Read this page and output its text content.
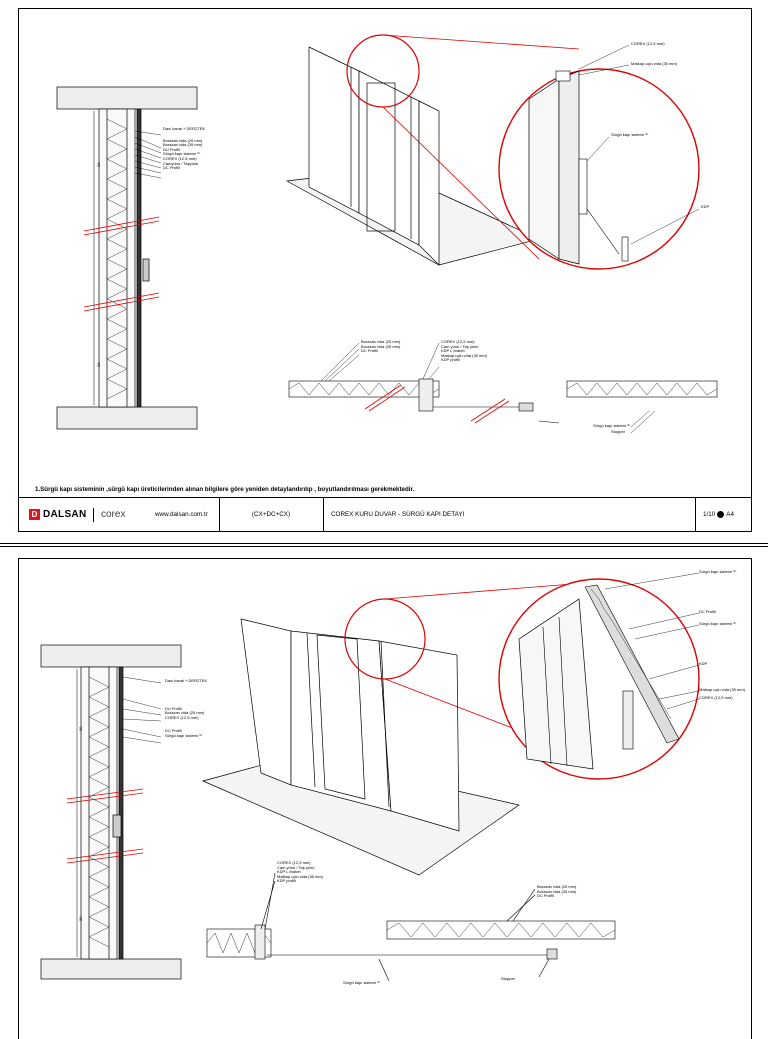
Dacı kanal + DERZTEK
Borazan vida (25 mm)
Borazan vida (35 mm)
DU Profili
Sürgü kapı sistemi ⁽¹⁾
COREX (12.5 mm)
Camyünü / Taşyünü
DC Profili
20
20
COREX (12,5 mm)
Matkap uçlu vida (35 mm)
Sürgü kapı sistemi ⁽¹⁾
KDP
Borazan vida (25 mm)
Borazan vida (35 mm)
DC Profili
COREX (12,5 mm)
Cam yünü / Taş yünü
KDP L braket
Matkap uçlu vida (35 mm)
KDP profili
Sürgü kapı sistemi ⁽¹⁾
Stopper
1.Sürgü kapı sisteminin ,sürgü kapı üreticilerinden alınan bilgilere göre yeniden detaylandırılıp , boyutlandırılması gerekmektedir.
D DALSAN corex	www.dalsan.com.tr	(CX+DC+CX)	COREX KURU DUVAR - SÜRGÜ KAPI DETAYI	1/10 A4
Dacı kanal + DERZTEK
DU Profili
Borazan vida (25 mm)
COREX (12,5 mm)
DC Profili
Sürgü kapı sistemi ⁽¹⁾
20
20
Sürgü kapı sistemi ⁽¹⁾
DC Profili
Sürgü kapı sistemi ⁽¹⁾
KDP
Matkap uçlu vida (35 mm)
COREX (12,5 mm)
COREX (12,5 mm)
Cam yünü / Taş yünü
KDP L braket
Matkap uçlu vida (35 mm)
KDP profili
Borazan vida (25 mm)
Borazan vida (35 mm)
DC Profili
Sürgü kapı sistemi ⁽¹⁾
Stopper
